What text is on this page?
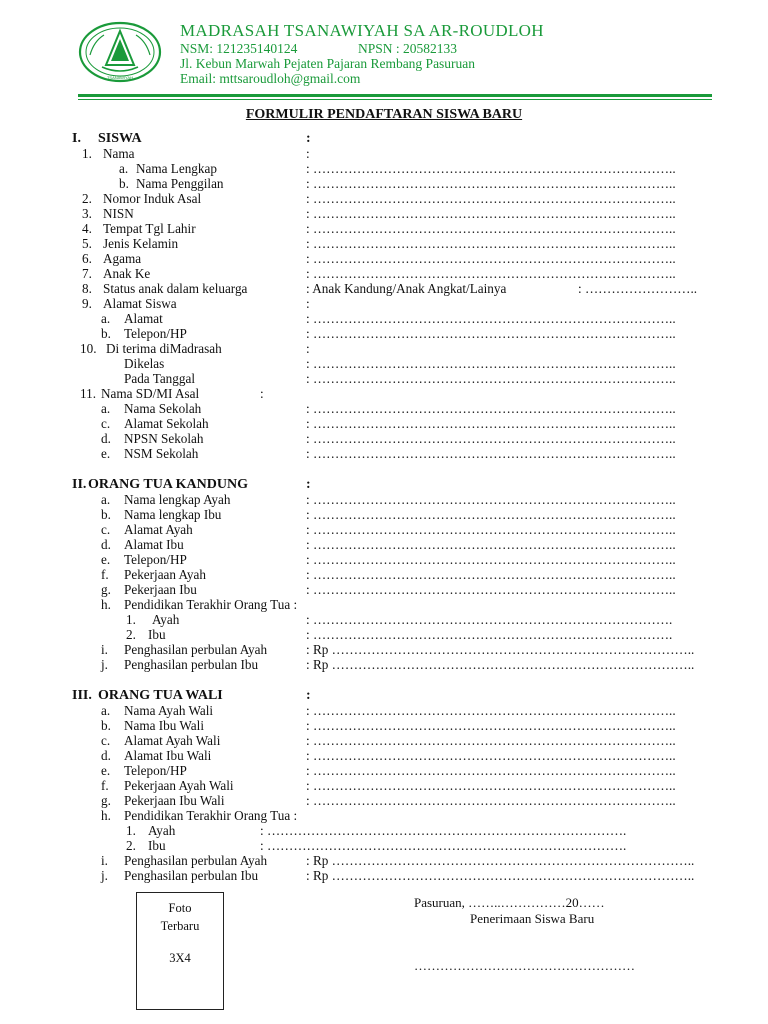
TSANAWIYAH
MADRASAH TSANAWIYAH SA AR-ROUDLOH
NSM: 121235140124	NPSN : 20582133
Jl. Kebun Marwah Pejaten Pajaran Rembang Pasuruan
Email: mttsaroudloh@gmail.com
FORMULIR PENDAFTARAN SISWA BARU
I. SISWA	:
1. Nama	:
a. Nama Lengkap	: ………………………………………………………………………..
b. Nama Penggilan	: ………………………………………………………………………..
2. Nomor Induk Asal	: ………………………………………………………………………..
3. NISN	: ………………………………………………………………………..
4. Tempat Tgl Lahir	: ………………………………………………………………………..
5. Jenis Kelamin	: ………………………………………………………………………..
6. Agama	: ………………………………………………………………………..
7. Anak Ke	: ………………………………………………………………………..
8. Status anak dalam keluarga	: Anak Kandung/Anak Angkat/Lainya	: ……………………..
9. Alamat Siswa	:
a. Alamat	: ………………………………………………………………………..
b. Telepon/HP	: ………………………………………………………………………..
10. Di terima diMadrasah	:
Dikelas	: ………………………………………………………………………..
Pada Tanggal	: ………………………………………………………………………..
11. Nama SD/MI Asal	:
a. Nama Sekolah	: ………………………………………………………………………..
c. Alamat Sekolah	: ………………………………………………………………………..
d. NPSN Sekolah	: ………………………………………………………………………..
e. NSM Sekolah	: ………………………………………………………………………..
II. ORANG TUA KANDUNG	:
a. Nama lengkap Ayah	: ………………………………………………………………………..
b. Nama lengkap Ibu	: ………………………………………………………………………..
c. Alamat Ayah	: ………………………………………………………………………..
d. Alamat Ibu	: ………………………………………………………………………..
e. Telepon/HP	: ………………………………………………………………………..
f. Pekerjaan Ayah	: ………………………………………………………………………..
g. Pekerjaan Ibu	: ………………………………………………………………………..
h. Pendidikan Terakhir Orang Tua :
1. Ayah	: ……………………………………………………………………….
2. Ibu	: ……………………………………………………………………….
i. Penghasilan perbulan Ayah	: Rp ………………………………………………………………………..
j. Penghasilan perbulan Ibu	: Rp ………………………………………………………………………..
III. ORANG TUA WALI	:
a. Nama Ayah Wali	: ………………………………………………………………………..
b. Nama Ibu Wali	: ………………………………………………………………………..
c. Alamat Ayah Wali	: ………………………………………………………………………..
d. Alamat Ibu Wali	: ………………………………………………………………………..
e. Telepon/HP	: ………………………………………………………………………..
f. Pekerjaan Ayah Wali	: ………………………………………………………………………..
g. Pekerjaan Ibu Wali	: ………………………………………………………………………..
h. Pendidikan Terakhir Orang Tua :
1. Ayah	: ……………………………………………………………………….
2. Ibu	: ……………………………………………………………………….
i. Penghasilan perbulan Ayah	: Rp ………………………………………………………………………..
j. Penghasilan perbulan Ibu	: Rp ………………………………………………………………………..
Foto
Terbaru
3X4
Pasuruan, ……..……………20……
Penerimaan Siswa Baru
……………………………………………
